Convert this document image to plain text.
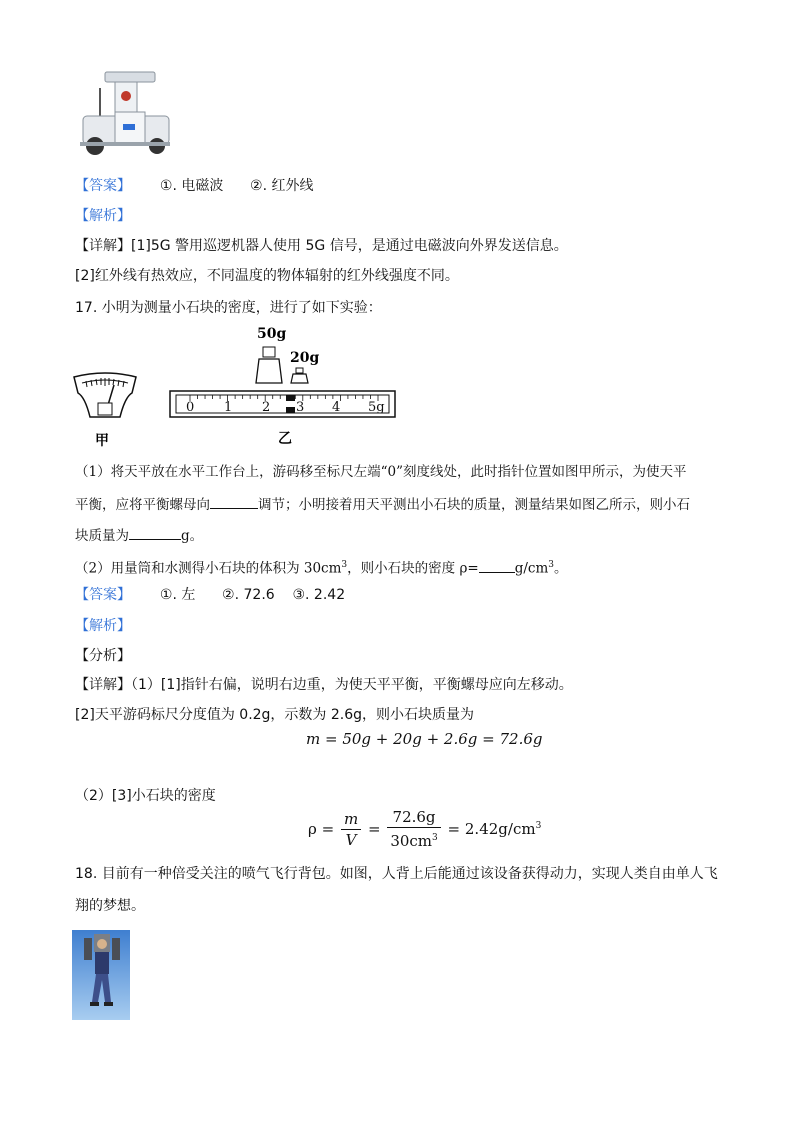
【答案】 ①. 电磁波      ②. 红外线
【解析】
【详解】[1]5G 警用巡逻机器人使用 5G 信号，是通过电磁波向外界发送信息。
[2]红外线有热效应，不同温度的物体辐射的红外线强度不同。
17. 小明为测量小石块的密度，进行了如下实验：
甲
0 1 2 3 4 5g
50g
20g
乙
（1）将天平放在水平工作台上，游码移至标尺左端“0”刻度线处，此时指针位置如图甲所示，为使天平
平衡，应将平衡螺母向	调节；小明接着用天平测出小石块的质量，测量结果如图乙所示，则小石
块质量为	g。
（2）用量筒和水测得小石块的体积为 $30cm^3$，则小石块的密度 ρ=	$g/cm^3$。
【答案】 ①. 左      ②. 72.6    ③. 2.42
【解析】
【分析】
【详解】（1）[1]指针右偏，说明右边重，为使天平平衡，平衡螺母应向左移动。
[2]天平游码标尺分度值为 0.2g，示数为 2.6g，则小石块质量为
m = 50g + 20g + 2.6g = 72.6g
（2）[3]小石块的密度
$\rho = \frac{m}{V} = \frac{72.6g}{30cm^3} = 2.42g/cm^3$
18. 目前有一种倍受关注的喷气飞行背包。如图，人背上后能通过该设备获得动力，实现人类自由单人飞
翔的梦想。
